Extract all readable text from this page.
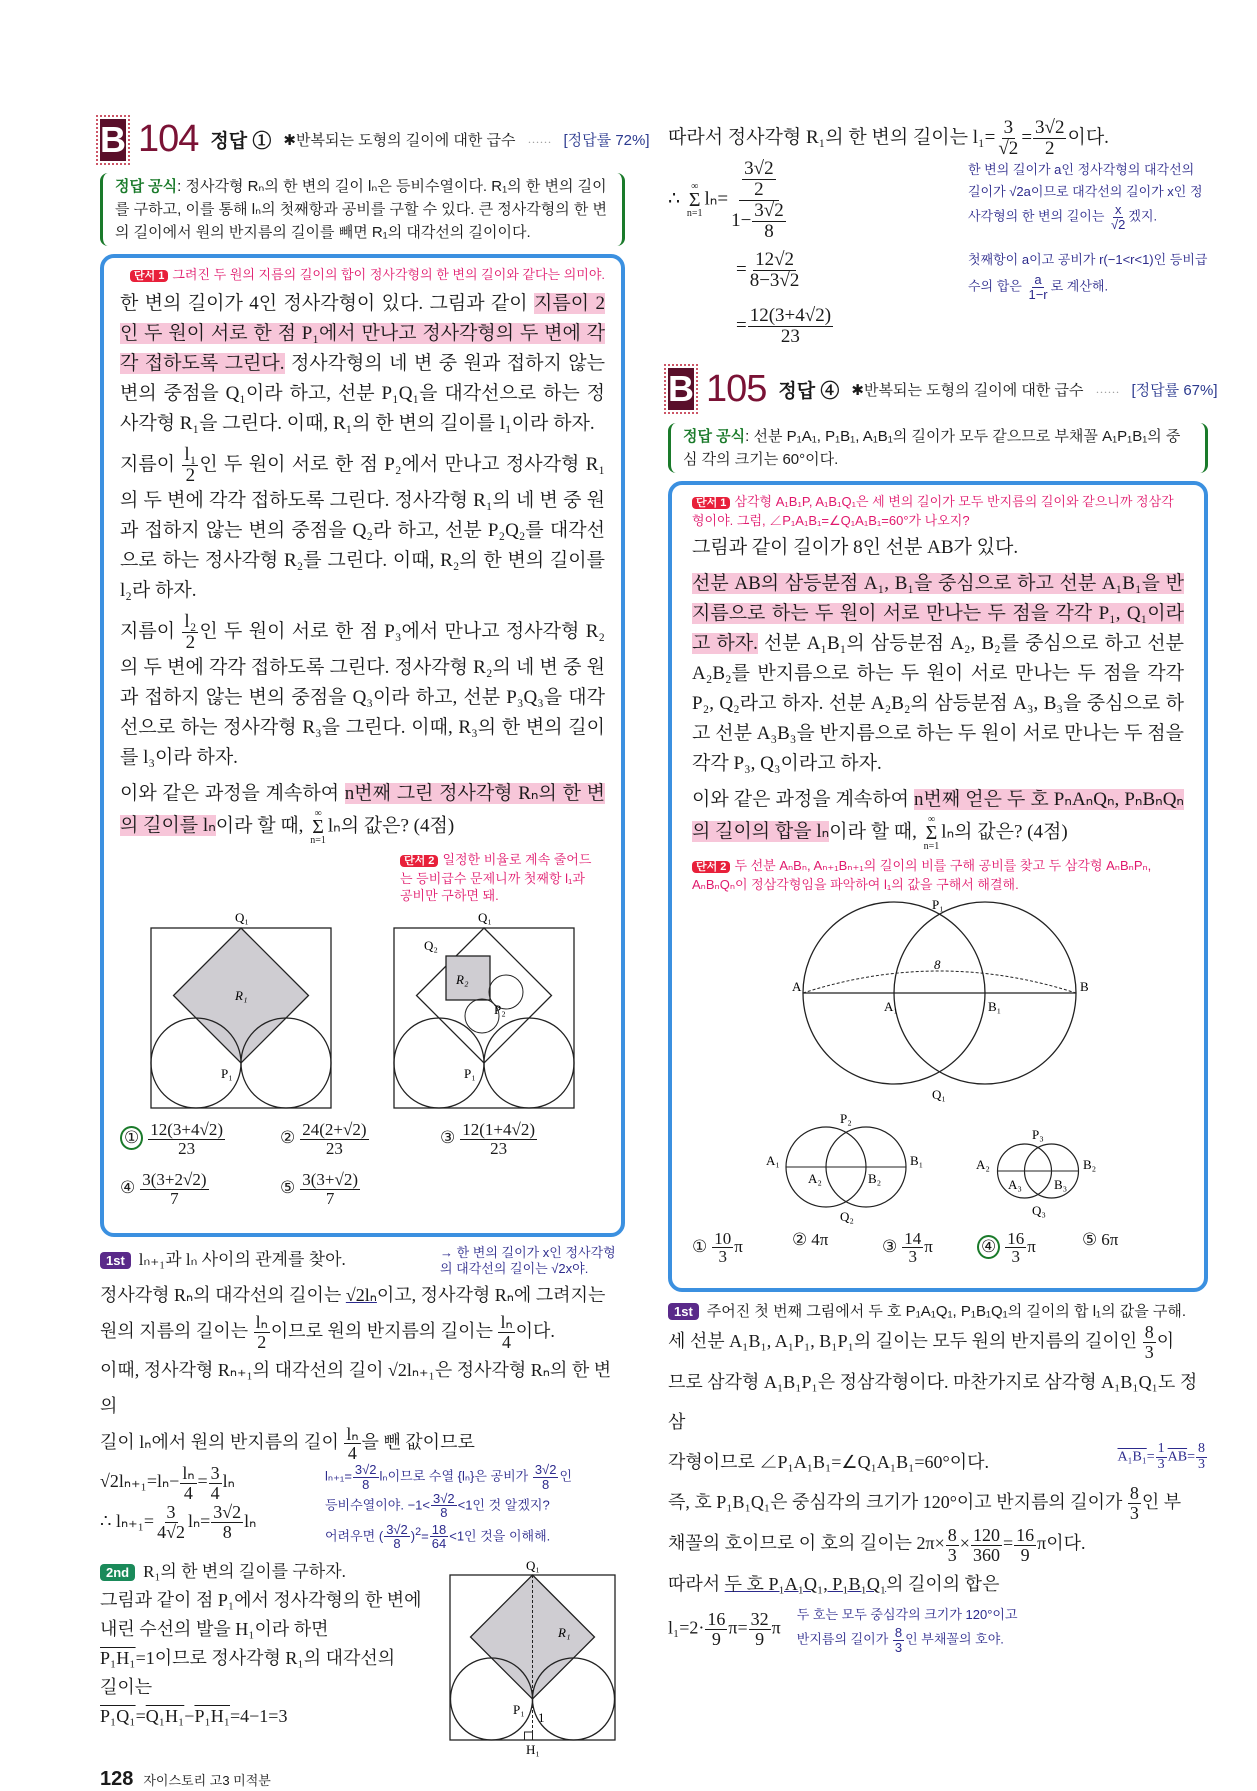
B 104 정답 ① ✱반복되는 도형의 길이에 대한 급수 …… [정답률 72%]
정답 공식: 정사각형 Rₙ의 한 변의 길이 lₙ은 등비수열이다. R₁의 한 변의 길이를 구하고, 이를 통해 lₙ의 첫째항과 공비를 구할 수 있다. 큰 정사각형의 한 변의 길이에서 원의 반지름의 길이를 빼면 R₁의 대각선의 길이이다.
단서 1 그려진 두 원의 지름의 길이의 합이 정사각형의 한 변의 길이와 같다는 의미야.

한 변의 길이가 4인 정사각형이 있다. 그림과 같이 지름이 2인 두 원이 서로 한 점 P₁에서 만나고 정사각형의 두 변에 각각 접하도록 그린다. 정사각형의 네 변 중 원과 접하지 않는 변의 중점을 Q₁이라 하고, 선분 P₁Q₁을 대각선으로 하는 정사각형 R₁을 그린다. 이때, R₁의 한 변의 길이를 l₁이라 하자.

지름이 $\frac{\text{l₁}}{2}$ 인 두 원이 서로 한 점 P₂에서 만나고 정사각형 R₁의 두 변에 각각 접하도록 그린다. 정사각형 R₁의 네 변 중 원과 접하지 않는 변의 중점을 Q₂라 하고, 선분 P₂Q₂를 대각선으로 하는 정사각형 R₂를 그린다. 이때, R₂의 한 변의 길이를 l₂라 하자.

지름이 $\frac{\text{l₂}}{2}$ 인 두 원이 서로 한 점 P₃에서 만나고 정사각형 R₂의 두 변에 각각 접하도록 그린다. 정사각형 R₂의 네 변 중 원과 접하지 않는 변의 중점을 Q₃이라 하고, 선분 P₃Q₃을 대각선으로 하는 정사각형 R₃을 그린다. 이때, R₃의 한 변의 길이를 l₃이라 하자.

이와 같은 과정을 계속하여 n번째 그린 정사각형 Rₙ의 한 변의 길이를 lₙ이라 할 때,
∞
Σ
n=1
lₙ의 값은? (4점)

단서 2 일정한 비율로 계속 줄어드는 등비급수 문제니까 첫째항 l₁과 공비만 구하면 돼.
Q₁
R₁
P₁
Q₁
Q₂
R₂
P₂
P₁
① $\frac{12(3+4√2)}{23}$	② $\frac{24(2+√2)}{23}$	③ $\frac{12(1+4√2)}{23}$
④ $\frac{3(3+2√2)}{7}$	⑤ $\frac{3(3+√2)}{7}$
1st lₙ₊₁과 lₙ 사이의 관계를 찾아.	→ 한 변의 길이가 x인 정사각형의 대각선의 길이는 √2x야.
정사각형 Rₙ의 대각선의 길이는 √2lₙ이고, 정사각형 Rₙ에 그려지는
원의 지름의 길이는 $\frac{\text{lₙ}}{2}$ 이므로 원의 반지름의 길이는 $\frac{\text{lₙ}}{4}$ 이다.
이때, 정사각형 Rₙ₊₁의 대각선의 길이 √2lₙ₊₁은 정사각형 Rₙ의 한 변의
길이 lₙ에서 원의 반지름의 길이 $\frac{\text{lₙ}}{4}$ 을 뺀 값이므로
$√2l_{n+1}=l_n- \frac{\text{lₙ}}{4} = \frac{3}{4}$ lₙ
∴ $l_{n+1}= \frac{3}{4√2} l_n= \frac{3√2}{8}$ lₙ
$l_{n+1}= \frac{3√2}{8}$ lₙ이므로 수열 {lₙ}은 공비가 $\frac{3√2}{8}$ 인
등비수열이야. $-1< \frac{3√2}{8} <1$인 것 알겠지?
어려우면 ( $\frac{3√2}{8} )^2= \frac{18}{64} <1$인 것을 이해해.
2nd R₁의 한 변의 길이를 구하자.
그림과 같이 점 P₁에서 정사각형의 한 변에
내린 수선의 발을 H₁이라 하면
P₁H₁=1이므로 정사각형 R₁의 대각선의
길이는
P₁Q₁=Q₁H₁−P₁H₁=4−1=3
Q₁
R₁
P₁
1
H₁
128 자이스토리 고3 미적분
따라서 정사각형 R₁의 한 변의 길이는 $l_1= \frac{3}{√2} = \frac{3√2}{2}$ 이다.
∴
∞
Σ
n=1
$l_n= \frac{\frac{3√2}{2}}{1- \frac{3√2}{8}}$
= $\frac{12√2}{8-3√2}$
= $\frac{12(3+4√2)}{23}$
한 변의 길이가 a인 정사각형의 대각선의 길이가 √2a이므로 대각선의 길이가 x인 정사각형의 한 변의 길이는 $\frac{x}{√2}$ 겠지.
첫째항이 a이고 공비가 r(−1<r<1)인 등비급수의 합은 $\frac{a}{1-r}$ 로 계산해.
B 105 정답 ④ ✱반복되는 도형의 길이에 대한 급수 …… [정답률 67%]
정답 공식: 선분 P₁A₁, P₁B₁, A₁B₁의 길이가 모두 같으므로 부채꼴 A₁P₁B₁의 중심 각의 크기는 60°이다.
단서 1 삼각형 A₁B₁P, A₁B₁Q₁은 세 변의 길이가 모두 반지름의 길이와 같으니까 정삼각형이야. 그럼, ∠P₁A₁B₁=∠Q₁A₁B₁=60°가 나오지?

그림과 같이 길이가 8인 선분 AB가 있다.

선분 AB의 삼등분점 A₁, B₁을 중심으로 하고 선분 A₁B₁을 반지름으로 하는 두 원이 서로 만나는 두 점을 각각 P₁, Q₁이라고 하자. 선분 A₁B₁의 삼등분점 A₂, B₂를 중심으로 하고 선분 A₂B₂를 반지름으로 하는 두 원이 서로 만나는 두 점을 각각 P₂, Q₂라고 하자. 선분 A₂B₂의 삼등분점 A₃, B₃을 중심으로 하고 선분 A₃B₃을 반지름으로 하는 두 원이 서로 만나는 두 점을 각각 P₃, Q₃이라고 하자.

이와 같은 과정을 계속하여 n번째 얻은 두 호 PₙAₙQₙ, PₙBₙQₙ의 길이의 합을 lₙ이라 할 때,
∞
Σ
n=1
lₙ의 값은? (4점)

단서 2 두 선분 AₙBₙ, Aₙ₊₁Bₙ₊₁의 길이의 비를 구해 공비를 찾고 두 삼각형 AₙBₙPₙ, AₙBₙQₙ이 정삼각형임을 파악하여 l₁의 값을 구해서 해결해.
P₁
A
A₁	B₁
B
Q₁
8
P₂
A₁
A₂	B₂
B₁
Q₂
P₃
A₂
A₃ B₃
B₂
Q₃
① $\frac{10}{3}$ π	② 4π	③ $\frac{14}{3}$ π	④ $\frac{16}{3}$ π	⑤ 6π
1st 주어진 첫 번째 그림에서 두 호 P₁A₁Q₁, P₁B₁Q₁의 길이의 합 l₁의 값을 구해.
세 선분 A₁B₁, A₁P₁, B₁P₁의 길이는 모두 원의 반지름의 길이인 $\frac{8}{3}$ 이
므로 삼각형 A₁B₁P₁은 정삼각형이다. 마찬가지로 삼각형 A₁B₁Q₁도 정삼
각형이므로 ∠P₁A₁B₁=∠Q₁A₁B₁=60°이다.	$A_1B_1= \frac{1}{3} \overline{AB}= \frac{8}{3}$
즉, 호 P₁B₁Q₁은 중심각의 크기가 120°이고 반지름의 길이가 $\frac{8}{3}$ 인 부
채꼴의 호이므로 이 호의 길이는 $2\pi\times \frac{8}{3} \times \frac{120}{360} = \frac{16}{9}$ π이다.
따라서 두 호 P₁A₁Q₁, P₁B₁Q₁의 길이의 합은
$l_1=2\cdot \frac{16}{9} \pi= \frac{32}{9}$ π
두 호는 모두 중심각의 크기가 120°이고
반지름의 길이가 $\frac{8}{3}$ 인 부채꼴의 호야.
